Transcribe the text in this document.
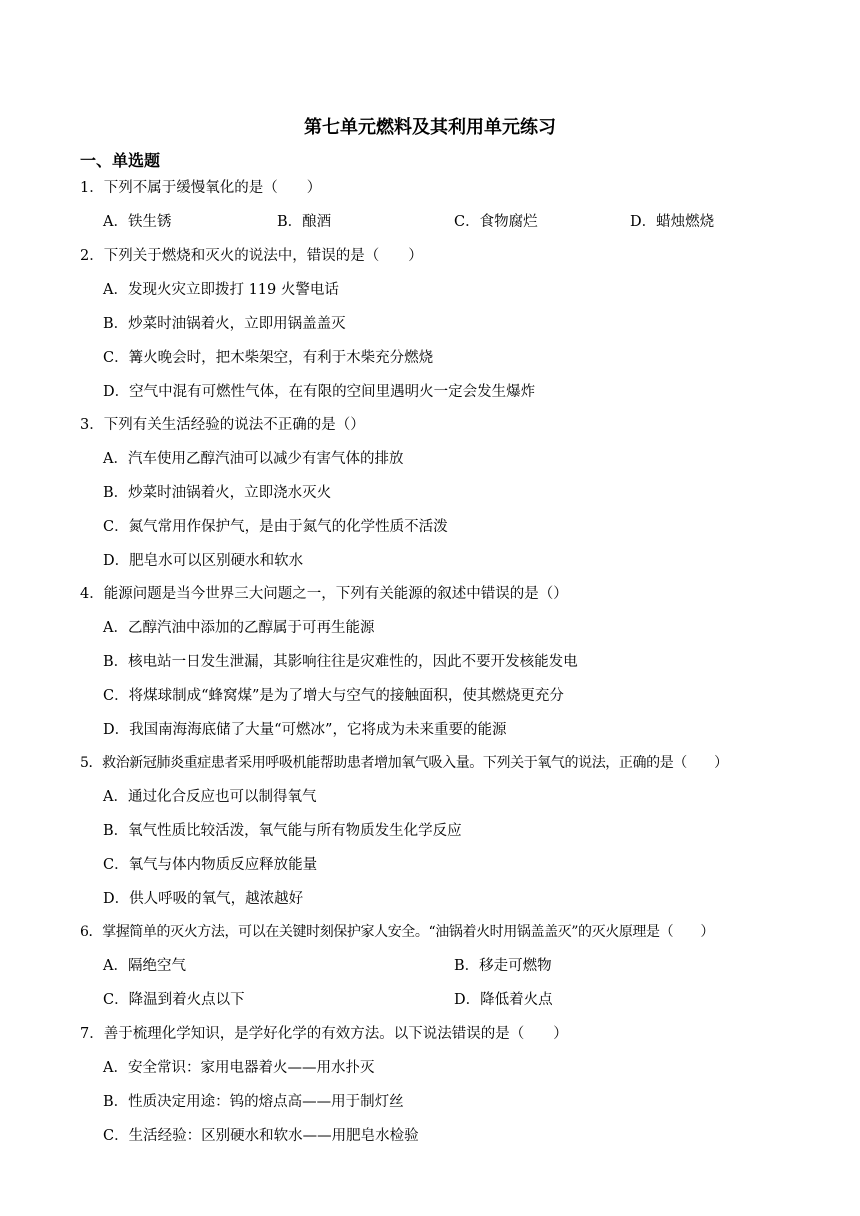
第七单元燃料及其利用单元练习
一、单选题
1．下列不属于缓慢氧化的是（　　）
A．铁生锈	B．酿酒	C．食物腐烂	D．蜡烛燃烧
2．下列关于燃烧和灭火的说法中，错误的是（　　）
A．发现火灾立即拨打 119 火警电话
B．炒菜时油锅着火，立即用锅盖盖灭
C．篝火晚会时，把木柴架空，有利于木柴充分燃烧
D．空气中混有可燃性气体，在有限的空间里遇明火一定会发生爆炸
3．下列有关生活经验的说法不正确的是（）
A．汽车使用乙醇汽油可以减少有害气体的排放
B．炒菜时油锅着火，立即浇水灭火
C．氮气常用作保护气，是由于氮气的化学性质不活泼
D．肥皂水可以区别硬水和软水
4．能源问题是当今世界三大问题之一，下列有关能源的叙述中错误的是（）
A．乙醇汽油中添加的乙醇属于可再生能源
B．核电站一日发生泄漏，其影响往往是灾难性的，因此不要开发核能发电
C．将煤球制成“蜂窝煤”是为了增大与空气的接触面积，使其燃烧更充分
D．我国南海海底储了大量“可燃冰”，它将成为未来重要的能源
5．救治新冠肺炎重症患者采用呼吸机能帮助患者增加氧气吸入量。下列关于氧气的说法，正确的是（　　）
A．通过化合反应也可以制得氧气
B．氧气性质比较活泼，氧气能与所有物质发生化学反应
C．氧气与体内物质反应释放能量
D．供人呼吸的氧气，越浓越好
6．掌握简单的灭火方法，可以在关键时刻保护家人安全。“油锅着火时用锅盖盖灭”的灭火原理是（　　）
A．隔绝空气	B．移走可燃物
C．降温到着火点以下	D．降低着火点
7．善于梳理化学知识，是学好化学的有效方法。以下说法错误的是（　　）
A．安全常识：家用电器着火——用水扑灭
B．性质决定用途：钨的熔点高——用于制灯丝
C．生活经验：区别硬水和软水——用肥皂水检验
